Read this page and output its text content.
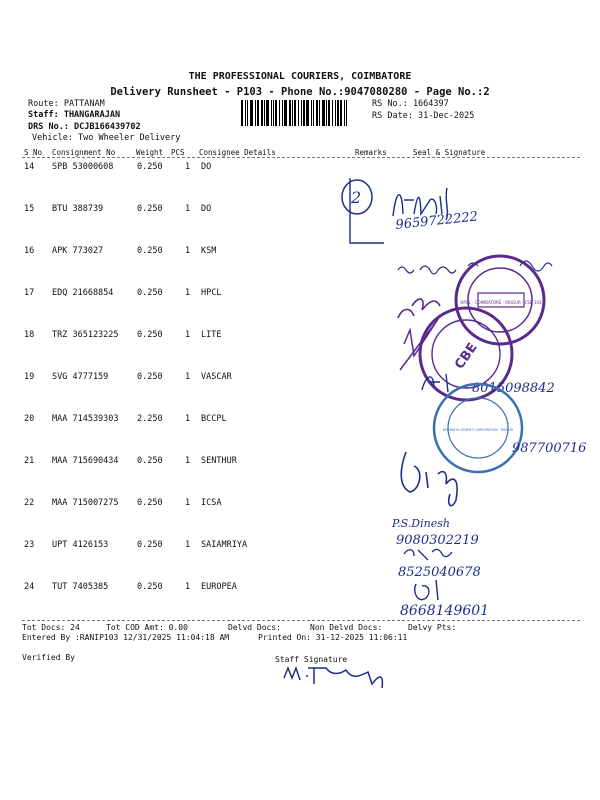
THE PROFESSIONAL COURIERS, COIMBATORE
Delivery Runsheet - P103 - Phone No.:9047080280 - Page No.:2
Route: PATTANAM
Staff: THANGARAJAN
DRS No.: DCJB166439702
Vehicle: Two Wheeler Delivery
RS No.: 1664397
RS Date: 31-Dec-2025
S No Consignment No	Weight PCS Consignee Details	Remarks	Seal & Signature
14 SPB 53000608	0.250	1 DO
15 BTU 388739	0.250	1 DO
16 APK 773027	0.250	1 KSM
17 EDQ 21668854	0.250	1 HPCL
18 TRZ 365123225 0.250	1 LITE
19 SVG 4777159	0.250	1 VASCAR
20 MAA 714539303 2.250	1 BCCPL
21 MAA 715690434 0.250	1 SENTHUR
22 MAA 715007275 0.250	1 ICSA
23 UPT 4126153	0.250	1 SAIAMRIYA
24 TUT 7405385	0.250	1 EUROPEA
Tot Docs: 24	Tot COD Amt: 0.00	Delvd Docs:	Non Delvd Docs:	Delvy Pts:
Entered By :RANIP103 12/31/2025 11:04:18 AM	Printed On: 31-12-2025 11:06:11
Verified By	Staff Signature
2
9659722222
HPCL · COIMBATORE · IRUGUR · CSE-103
CBE
8015098842
BHARATHI CEMENT CORPORATION · IRUGUR
987700716
P.S.Dinesh
9080302219
8525040678
8668149601
